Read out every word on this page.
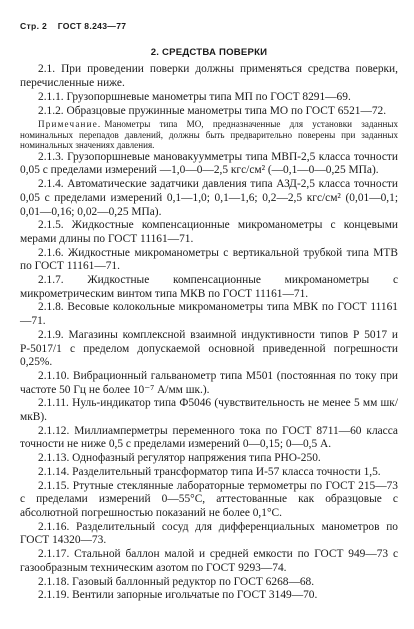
Стр. 2 ГОСТ 8.243—77
2. СРЕДСТВА ПОВЕРКИ

2.1. При проведении поверки должны применяться средства поверки, перечисленные ниже.

2.1.1. Грузопоршневые манометры типа МП по ГОСТ 8291—69.

2.1.2. Образцовые пружинные манометры типа МО по ГОСТ 6521—72.

Примечание. Манометры типа МО, предназначенные для установки заданных номинальных перепадов давлений, должны быть предварительно поверены при заданных номинальных значениях давления.

2.1.3. Грузопоршневые мановакуумметры типа МВП-2,5 класса точности 0,05 с пределами измерений —1,0—0—2,5 кгс/см² (—0,1—0—0,25 МПа).

2.1.4. Автоматические задатчики давления типа АЗД-2,5 класса точности 0,05 с пределами измерений 0,1—1,0; 0,1—1,6; 0,2—2,5 кгс/см² (0,01—0,1; 0,01—0,16; 0,02—0,25 МПа).

2.1.5. Жидкостные компенсационные микроманометры с концевыми мерами длины по ГОСТ 11161—71.

2.1.6. Жидкостные микроманометры с вертикальной трубкой типа МТВ по ГОСТ 11161—71.

2.1.7. Жидкостные компенсационные микроманометры с микрометрическим винтом типа МКВ по ГОСТ 11161—71.

2.1.8. Весовые колокольные микроманометры типа МВК по ГОСТ 11161—71.

2.1.9. Магазины комплексной взаимной индуктивности типов Р 5017 и Р-5017/1 с пределом допускаемой основной приведенной погрешности 0,25%.

2.1.10. Вибрационный гальванометр типа М501 (постоянная по току при частоте 50 Гц не более 10⁻⁷ А/мм шк.).

2.1.11. Нуль-индикатор типа Ф5046 (чувствительность не менее 5 мм шк/мкВ).

2.1.12. Миллиамперметры переменного тока по ГОСТ 8711—60 класса точности не ниже 0,5 с пределами измерений 0—0,15; 0—0,5 А.

2.1.13. Однофазный регулятор напряжения типа РНО-250.

2.1.14. Разделительный трансформатор типа И-57 класса точности 1,5.

2.1.15. Ртутные стеклянные лабораторные термометры по ГОСТ 215—73 с пределами измерений 0—55°С, аттестованные как образцовые с абсолютной погрешностью показаний не более 0,1°С.

2.1.16. Разделительный сосуд для дифференциальных манометров по ГОСТ 14320—73.

2.1.17. Стальной баллон малой и средней емкости по ГОСТ 949—73 с газообразным техническим азотом по ГОСТ 9293—74.

2.1.18. Газовый баллонный редуктор по ГОСТ 6268—68.

2.1.19. Вентили запорные игольчатые по ГОСТ 3149—70.
